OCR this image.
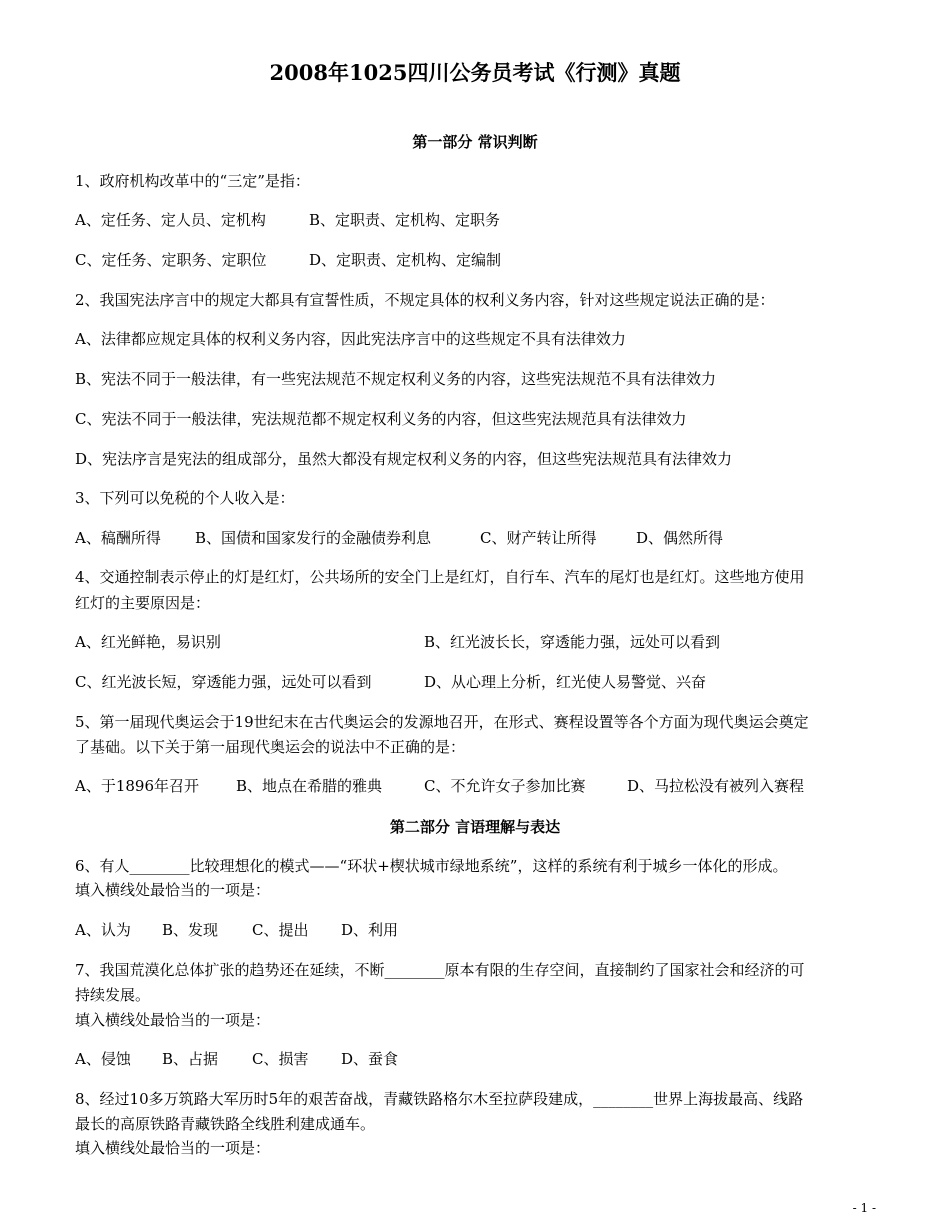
2008年1025四川公务员考试《行测》真题
第一部分 常识判断
1、政府机构改革中的“三定”是指：
A、定任务、定人员、定机构	B、定职责、定机构、定职务
C、定任务、定职务、定职位	D、定职责、定机构、定编制
2、我国宪法序言中的规定大都具有宣誓性质，不规定具体的权利义务内容，针对这些规定说法正确的是：
A、法律都应规定具体的权利义务内容，因此宪法序言中的这些规定不具有法律效力
B、宪法不同于一般法律，有一些宪法规范不规定权利义务的内容，这些宪法规范不具有法律效力
C、宪法不同于一般法律，宪法规范都不规定权利义务的内容，但这些宪法规范具有法律效力
D、宪法序言是宪法的组成部分，虽然大都没有规定权利义务的内容，但这些宪法规范具有法律效力
3、下列可以免税的个人收入是：
A、稿酬所得 B、国债和国家发行的金融债券利息	C、财产转让所得	D、偶然所得
4、交通控制表示停止的灯是红灯，公共场所的安全门上是红灯，自行车、汽车的尾灯也是红灯。这些地方使用
红灯的主要原因是：
A、红光鲜艳，易识别	B、红光波长长，穿透能力强，远处可以看到
C、红光波长短，穿透能力强，远处可以看到	D、从心理上分析，红光使人易警觉、兴奋
5、第一届现代奥运会于19世纪末在古代奥运会的发源地召开，在形式、赛程设置等各个方面为现代奥运会奠定
了基础。以下关于第一届现代奥运会的说法中不正确的是：
A、于1896年召开 B、地点在希腊的雅典	C、不允许女子参加比赛	D、马拉松没有被列入赛程
第二部分 言语理解与表达
6、有人________比较理想化的模式——“环状+楔状城市绿地系统”，这样的系统有利于城乡一体化的形成。
填入横线处最恰当的一项是：
A、认为 B、发现 C、提出 D、利用
7、我国荒漠化总体扩张的趋势还在延续，不断________原本有限的生存空间，直接制约了国家社会和经济的可
持续发展。
填入横线处最恰当的一项是：
A、侵蚀 B、占据 C、损害 D、蚕食
8、经过10多万筑路大军历时5年的艰苦奋战，青藏铁路格尔木至拉萨段建成，________世界上海拔最高、线路
最长的高原铁路青藏铁路全线胜利建成通车。
填入横线处最恰当的一项是：
- 1 -
